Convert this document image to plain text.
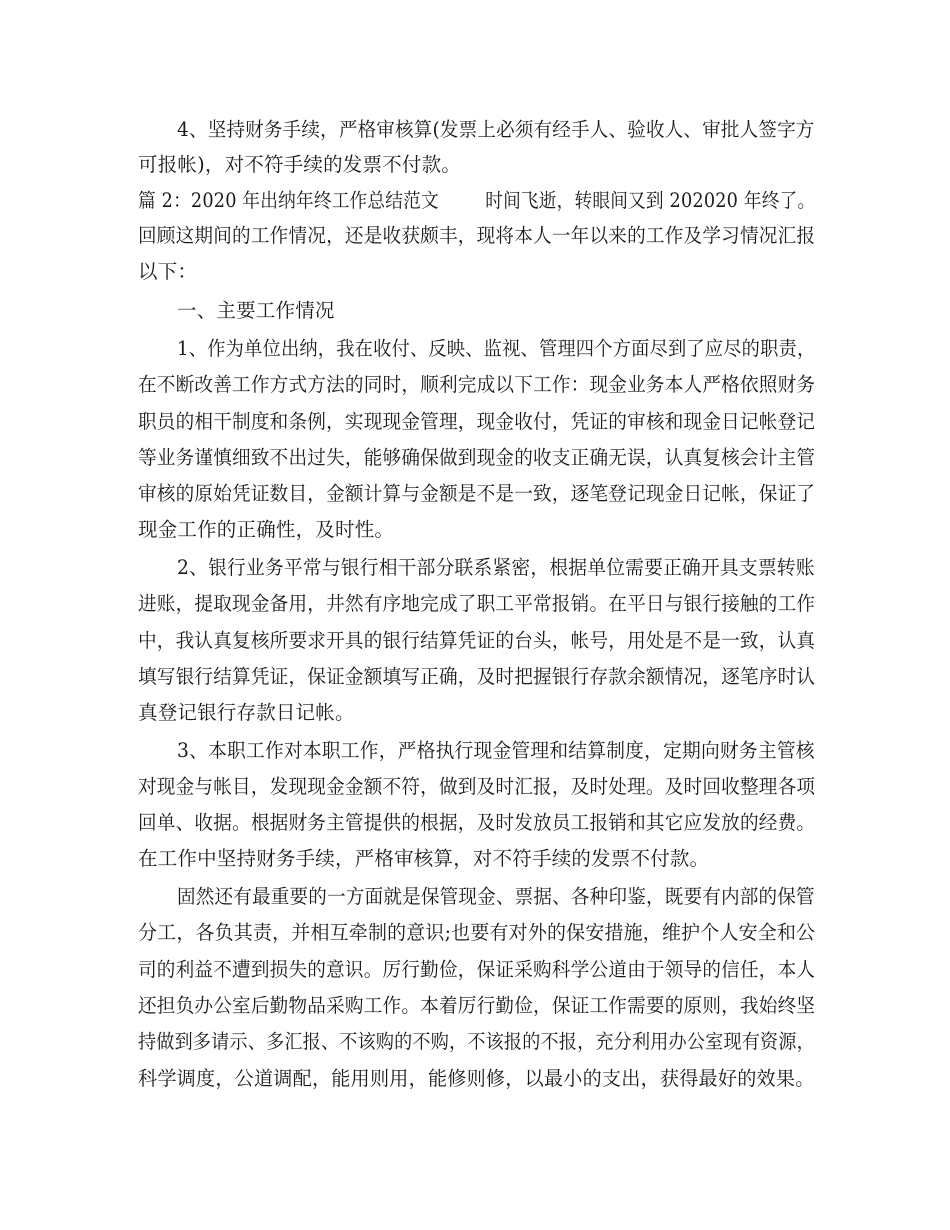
4、坚持财务手续，严格审核算(发票上必须有经手人、验收人、审批人签字方
可报帐)，对不符手续的发票不付款。
篇 2：2020 年出纳年终工作总结范文        时间飞逝，转眼间又到 202020 年终了。
回顾这期间的工作情况，还是收获颇丰，现将本人一年以来的工作及学习情况汇报
以下：
一、主要工作情况
1、作为单位出纳，我在收付、反映、监视、管理四个方面尽到了应尽的职责，
在不断改善工作方式方法的同时，顺利完成以下工作：现金业务本人严格依照财务
职员的相干制度和条例，实现现金管理，现金收付，凭证的审核和现金日记帐登记
等业务谨慎细致不出过失，能够确保做到现金的收支正确无误，认真复核会计主管
审核的原始凭证数目，金额计算与金额是不是一致，逐笔登记现金日记帐，保证了
现金工作的正确性，及时性。
2、银行业务平常与银行相干部分联系紧密，根据单位需要正确开具支票转账
进账，提取现金备用，井然有序地完成了职工平常报销。在平日与银行接触的工作
中，我认真复核所要求开具的银行结算凭证的台头，帐号，用处是不是一致，认真
填写银行结算凭证，保证金额填写正确，及时把握银行存款余额情况，逐笔序时认
真登记银行存款日记帐。
3、本职工作对本职工作，严格执行现金管理和结算制度，定期向财务主管核
对现金与帐目，发现现金金额不符，做到及时汇报，及时处理。及时回收整理各项
回单、收据。根据财务主管提供的根据，及时发放员工报销和其它应发放的经费。
在工作中坚持财务手续，严格审核算，对不符手续的发票不付款。
固然还有最重要的一方面就是保管现金、票据、各种印鉴，既要有内部的保管
分工，各负其责，并相互牵制的意识;也要有对外的保安措施，维护个人安全和公
司的利益不遭到损失的意识。厉行勤俭，保证采购科学公道由于领导的信任，本人
还担负办公室后勤物品采购工作。本着厉行勤俭，保证工作需要的原则，我始终坚
持做到多请示、多汇报、不该购的不购，不该报的不报，充分利用办公室现有资源，
科学调度，公道调配，能用则用，能修则修，以最小的支出，获得最好的效果。
